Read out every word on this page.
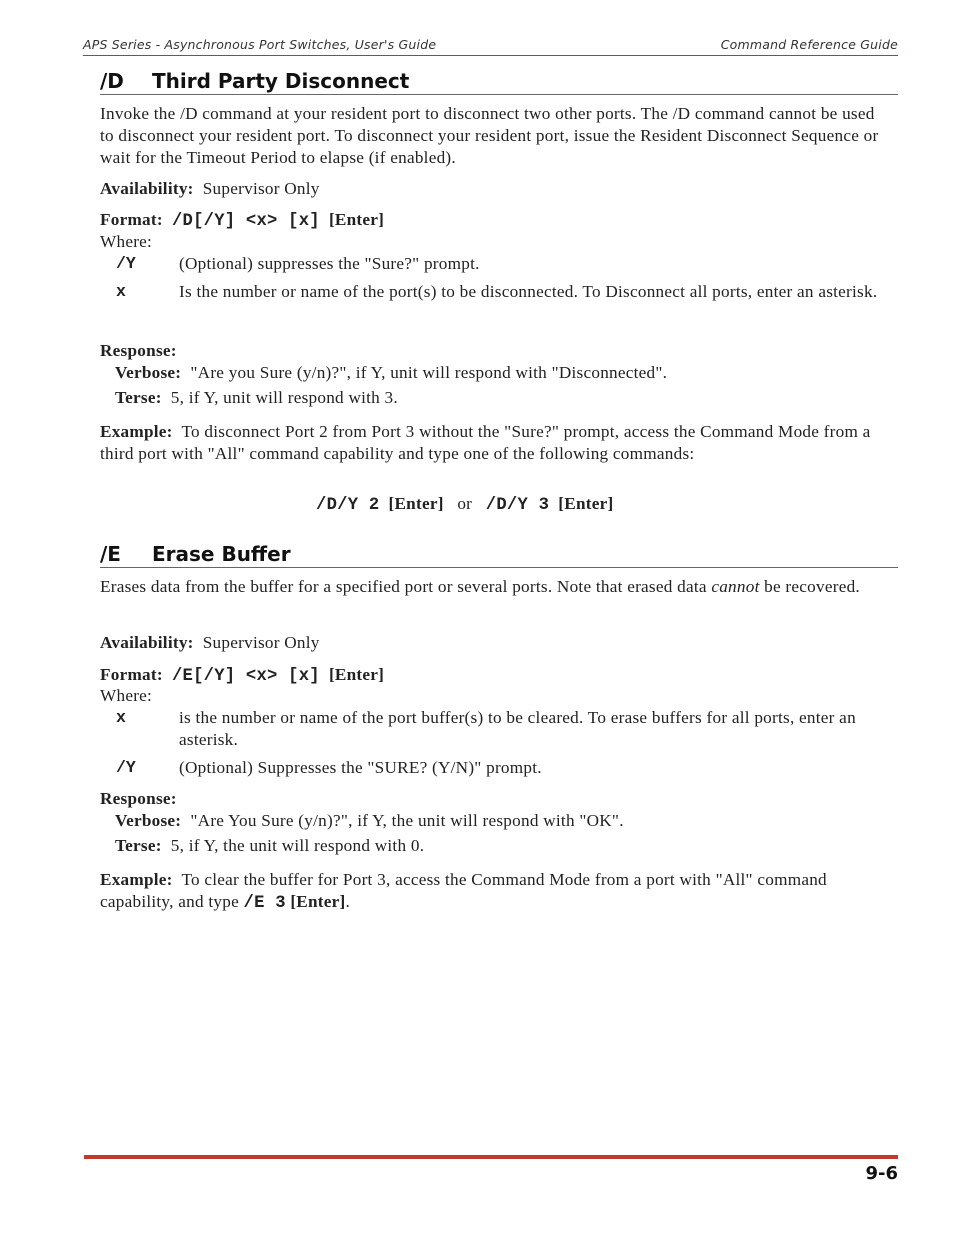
APS Series - Asynchronous Port Switches, User's Guide	Command Reference Guide
/D Third Party Disconnect

Invoke the /D command at your resident port to disconnect two other ports. The /D command cannot be used to disconnect your resident port. To disconnect your resident port, issue the Resident Disconnect Sequence or wait for the Timeout Period to elapse (if enabled).

Availability: Supervisor Only

Format: /D[/Y] <x> [x] [Enter]

Where:

/Y	(Optional) suppresses the "Sure?" prompt.

x	Is the number or name of the port(s) to be disconnected. To Disconnect all ports, enter an asterisk.

Response:

Verbose: "Are you Sure (y/n)?", if Y, unit will respond with "Disconnected".

Terse: 5, if Y, unit will respond with 3.

Example: To disconnect Port 2 from Port 3 without the "Sure?" prompt, access the Command Mode from a third port with "All" command capability and type one of the following commands:

/D/Y 2 [Enter] or /D/Y 3 [Enter]

/E Erase Buffer

Erases data from the buffer for a specified port or several ports. Note that erased data cannot be recovered.

Availability: Supervisor Only

Format: /E[/Y] <x> [x] [Enter]

Where:

x	is the number or name of the port buffer(s) to be cleared. To erase buffers for all ports, enter an asterisk.

/Y	(Optional) Suppresses the "SURE? (Y/N)" prompt.

Response:

Verbose: "Are You Sure (y/n)?", if Y, the unit will respond with "OK".

Terse: 5, if Y, the unit will respond with 0.

Example: To clear the buffer for Port 3, access the Command Mode from a port with "All" command capability, and type /E 3 [Enter].

9-6
